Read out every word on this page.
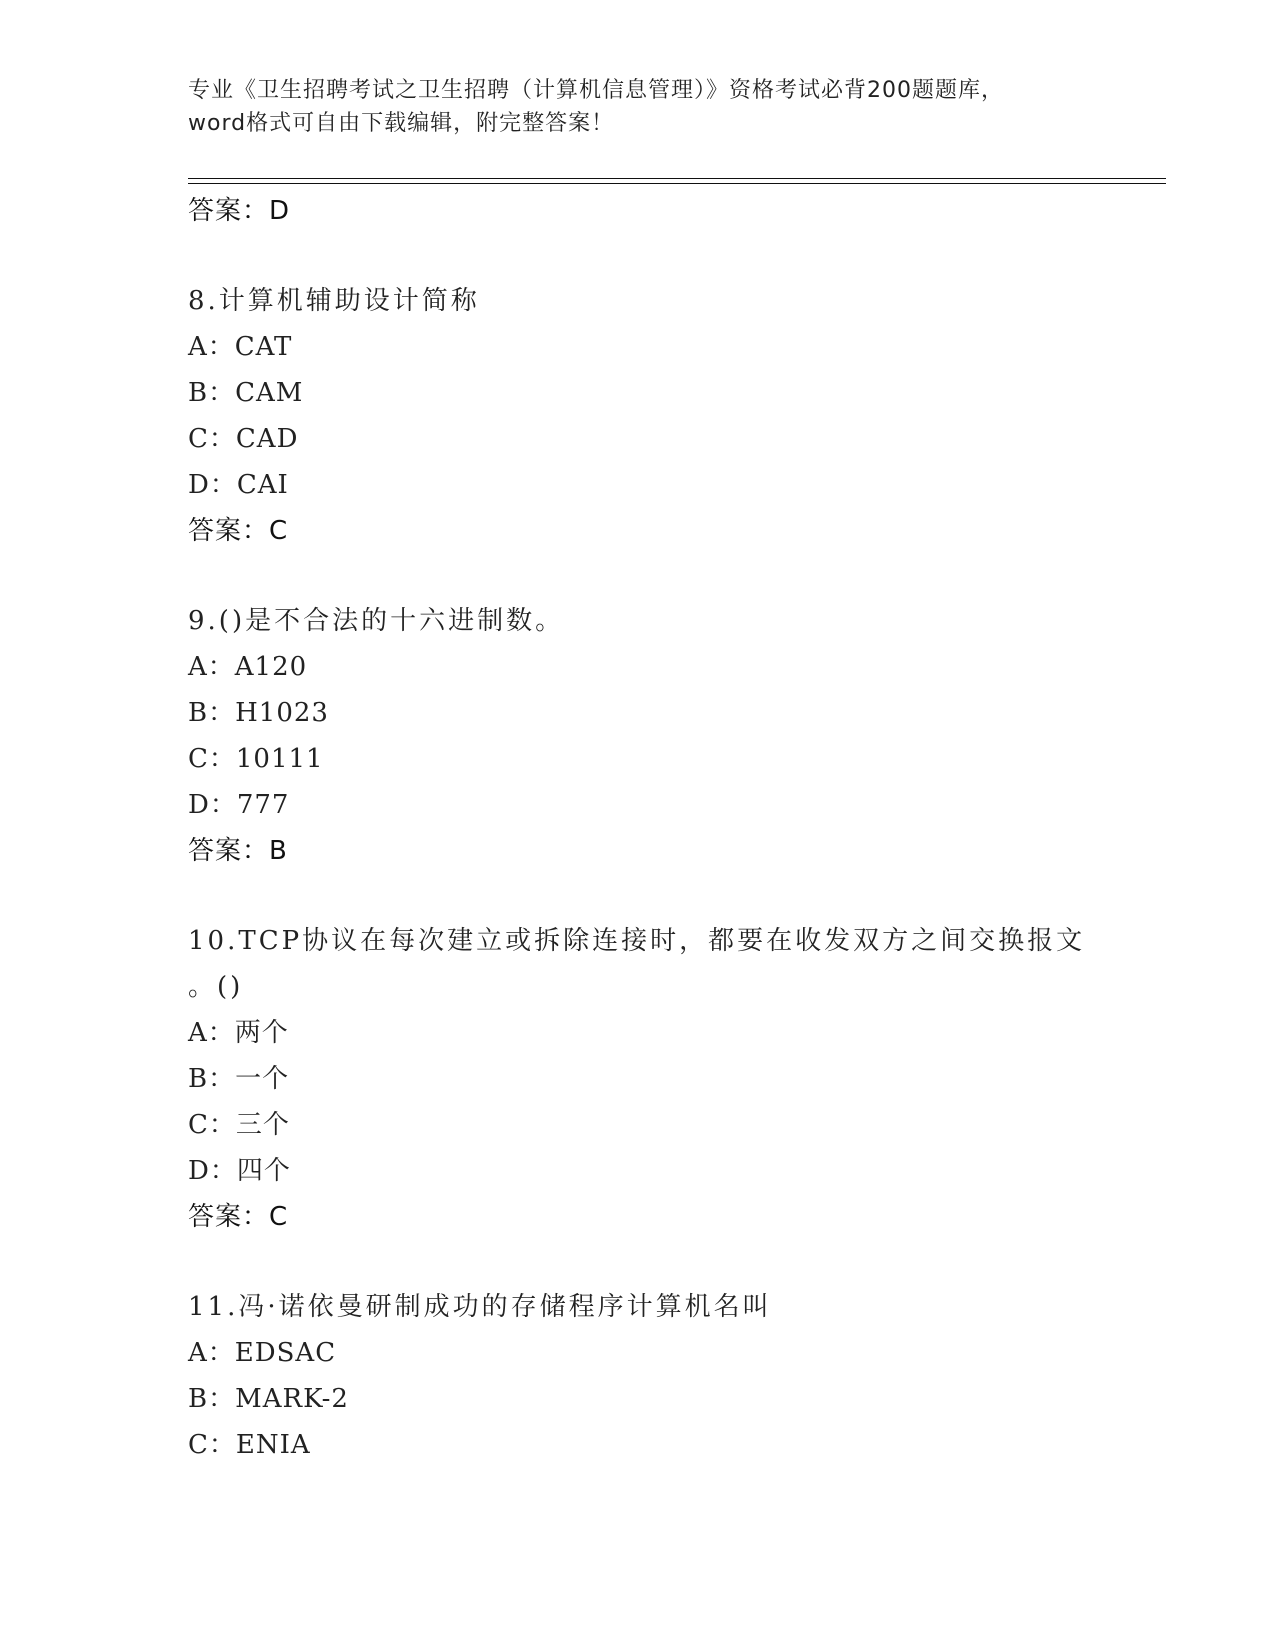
专业《卫生招聘考试之卫生招聘（计算机信息管理）》资格考试必背200题题库，
word格式可自由下载编辑，附完整答案！
答案：D
8.计算机辅助设计简称
A：CAT
B：CAM
C：CAD
D：CAI
答案：C
9.()是不合法的十六进制数。
A：A120
B：H1023
C：10111
D：777
答案：B
10.TCP协议在每次建立或拆除连接时，都要在收发双方之间交换报文
。()
A：两个
B：一个
C：三个
D：四个
答案：C
11.冯·诺依曼研制成功的存储程序计算机名叫
A：EDSAC
B：MARK-2
C：ENIA
